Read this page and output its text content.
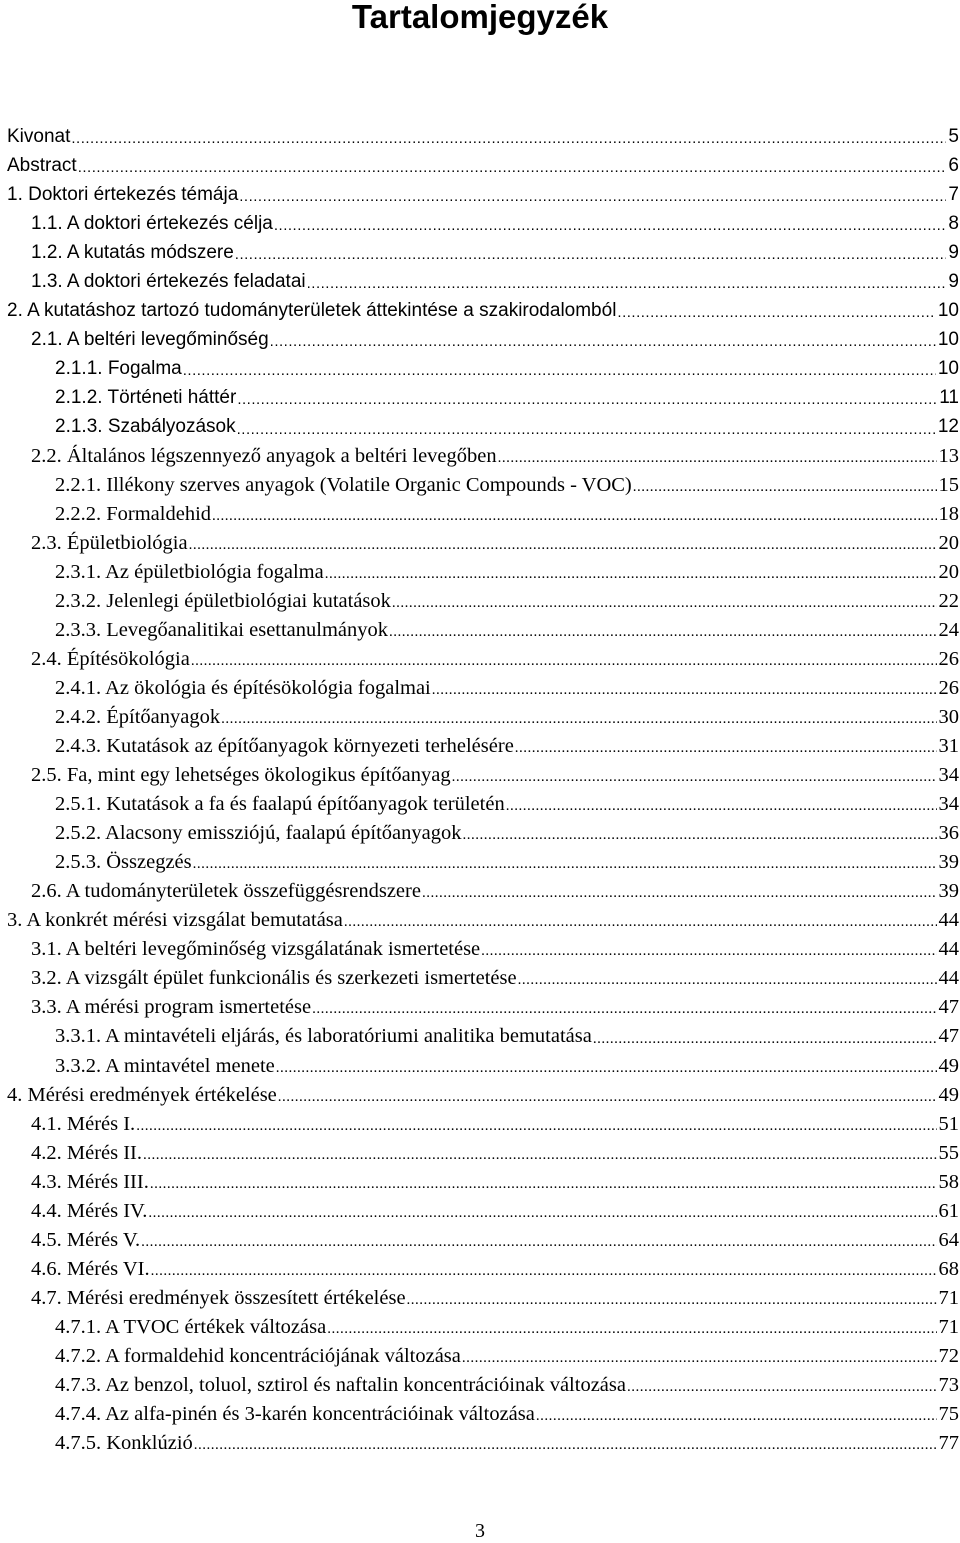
Tartalomjegyzék
Kivonat .....	5
Abstract .....	6
1. Doktori értekezés témája .....	7
1.1. A doktori értekezés célja .....	8
1.2. A kutatás módszere .....	9
1.3. A doktori értekezés feladatai .....	9
2. A kutatáshoz tartozó tudományterületek áttekintése a szakirodalomból .....	10
2.1. A beltéri levegőminőség .....	10
2.1.1. Fogalma .....	10
2.1.2. Történeti háttér .....	11
2.1.3. Szabályozások .....	12
2.2. Általános légszennyező anyagok a beltéri levegőben .....	13
2.2.1. Illékony szerves anyagok (Volatile Organic Compounds - VOC) .....	15
2.2.2. Formaldehid .....	18
2.3. Épületbiológia .....	20
2.3.1. Az épületbiológia fogalma .....	20
2.3.2. Jelenlegi épületbiológiai kutatások .....	22
2.3.3. Levegőanalitikai esettanulmányok .....	24
2.4. Építésökológia .....	26
2.4.1. Az ökológia és építésökológia fogalmai .....	26
2.4.2. Építőanyagok .....	30
2.4.3. Kutatások az építőanyagok környezeti terhelésére .....	31
2.5. Fa, mint egy lehetséges ökologikus építőanyag .....	34
2.5.1. Kutatások a fa és faalapú építőanyagok területén .....	34
2.5.2. Alacsony emissziójú, faalapú építőanyagok .....	36
2.5.3. Összegzés .....	39
2.6. A tudományterületek összefüggésrendszere .....	39
3. A konkrét mérési vizsgálat bemutatása .....	44
3.1. A beltéri levegőminőség vizsgálatának ismertetése .....	44
3.2. A vizsgált épület funkcionális és szerkezeti ismertetése .....	44
3.3. A mérési program ismertetése .....	47
3.3.1. A mintavételi eljárás, és laboratóriumi analitika bemutatása .....	47
3.3.2. A mintavétel menete .....	49
4. Mérési eredmények értékelése .....	49
4.1. Mérés I. .....	51
4.2. Mérés II. .....	55
4.3. Mérés III. .....	58
4.4. Mérés IV. .....	61
4.5. Mérés V. .....	64
4.6. Mérés VI. .....	68
4.7. Mérési eredmények összesített értékelése .....	71
4.7.1. A TVOC értékek változása .....	71
4.7.2. A formaldehid koncentrációjának változása .....	72
4.7.3. Az benzol, toluol, sztirol és naftalin koncentrációinak változása .....	73
4.7.4. Az alfa-pinén és 3-karén koncentrációinak változása .....	75
4.7.5. Konklúzió .....	77
3
